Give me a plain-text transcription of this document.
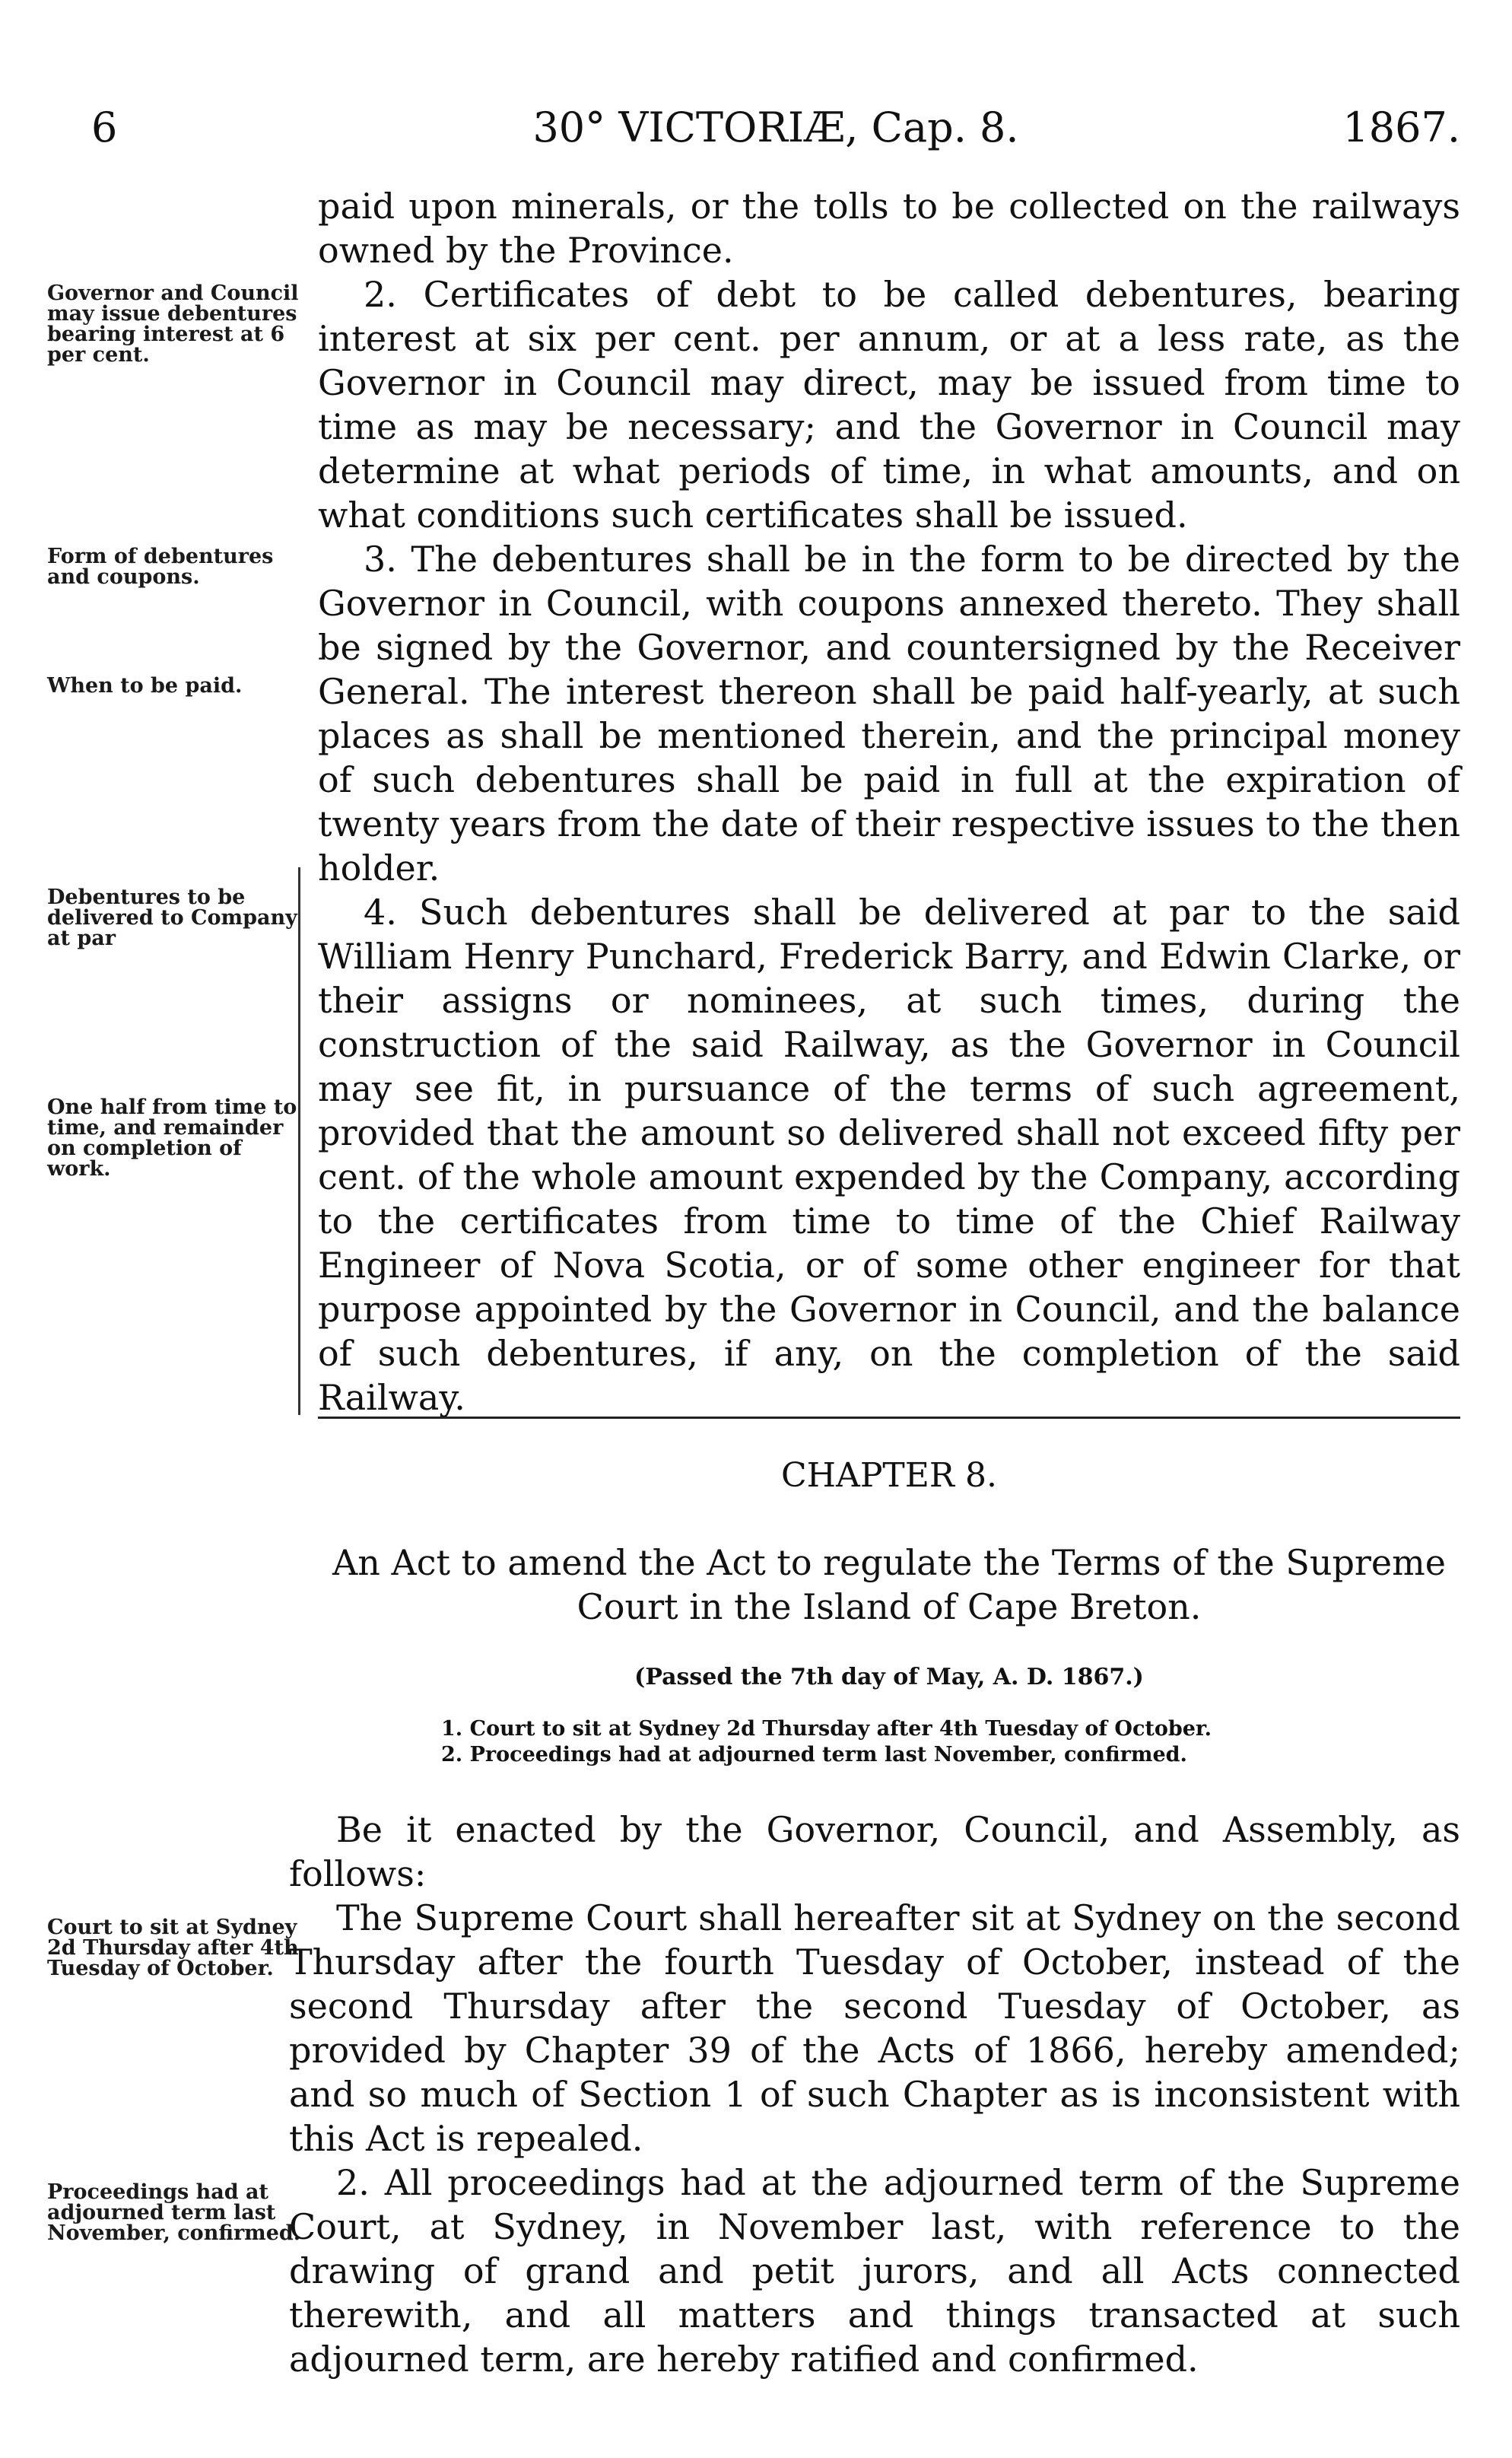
6	30° VICTORIÆ, Cap. 8.	1867.
Governor and Council may issue debentures bearing interest at 6 per cent.
Form of debentures and coupons.
When to be paid.
Debentures to be delivered to Company at par
One half from time to time, and remainder on completion of work.

paid upon minerals, or the tolls to be collected on the railways owned by the Province.

2. Certificates of debt to be called debentures, bearing interest at six per cent. per annum, or at a less rate, as the Governor in Council may direct, may be issued from time to time as may be necessary; and the Governor in Council may determine at what periods of time, in what amounts, and on what conditions such certificates shall be issued.

3. The debentures shall be in the form to be directed by the Governor in Council, with coupons annexed thereto. They shall be signed by the Governor, and countersigned by the Receiver General. The interest thereon shall be paid half-yearly, at such places as shall be mentioned therein, and the principal money of such debentures shall be paid in full at the expiration of twenty years from the date of their respective issues to the then holder.

4. Such debentures shall be delivered at par to the said William Henry Punchard, Frederick Barry, and Edwin Clarke, or their assigns or nominees, at such times, during the construction of the said Railway, as the Governor in Council may see fit, in pursuance of the terms of such agreement, provided that the amount so delivered shall not exceed fifty per cent. of the whole amount expended by the Company, according to the certificates from time to time of the Chief Railway Engineer of Nova Scotia, or of some other engineer for that purpose appointed by the Governor in Council, and the balance of such debentures, if any, on the completion of the said Railway.

CHAPTER 8.
An Act to amend the Act to regulate the Terms of the Supreme Court in the Island of Cape Breton.
(Passed the 7th day of May, A. D. 1867.)
1. Court to sit at Sydney 2d Thursday after 4th Tuesday of October.
2. Proceedings had at adjourned term last November, confirmed.
Court to sit at Sydney 2d Thursday after 4th Tuesday of October.
Proceedings had at adjourned term last November, confirmed.

Be it enacted by the Governor, Council, and Assembly, as follows:

The Supreme Court shall hereafter sit at Sydney on the second Thursday after the fourth Tuesday of October, instead of the second Thursday after the second Tuesday of October, as provided by Chapter 39 of the Acts of 1866, hereby amended; and so much of Section 1 of such Chapter as is inconsistent with this Act is repealed.

2. All proceedings had at the adjourned term of the Supreme Court, at Sydney, in November last, with reference to the drawing of grand and petit jurors, and all Acts connected therewith, and all matters and things transacted at such adjourned term, are hereby ratified and confirmed.
